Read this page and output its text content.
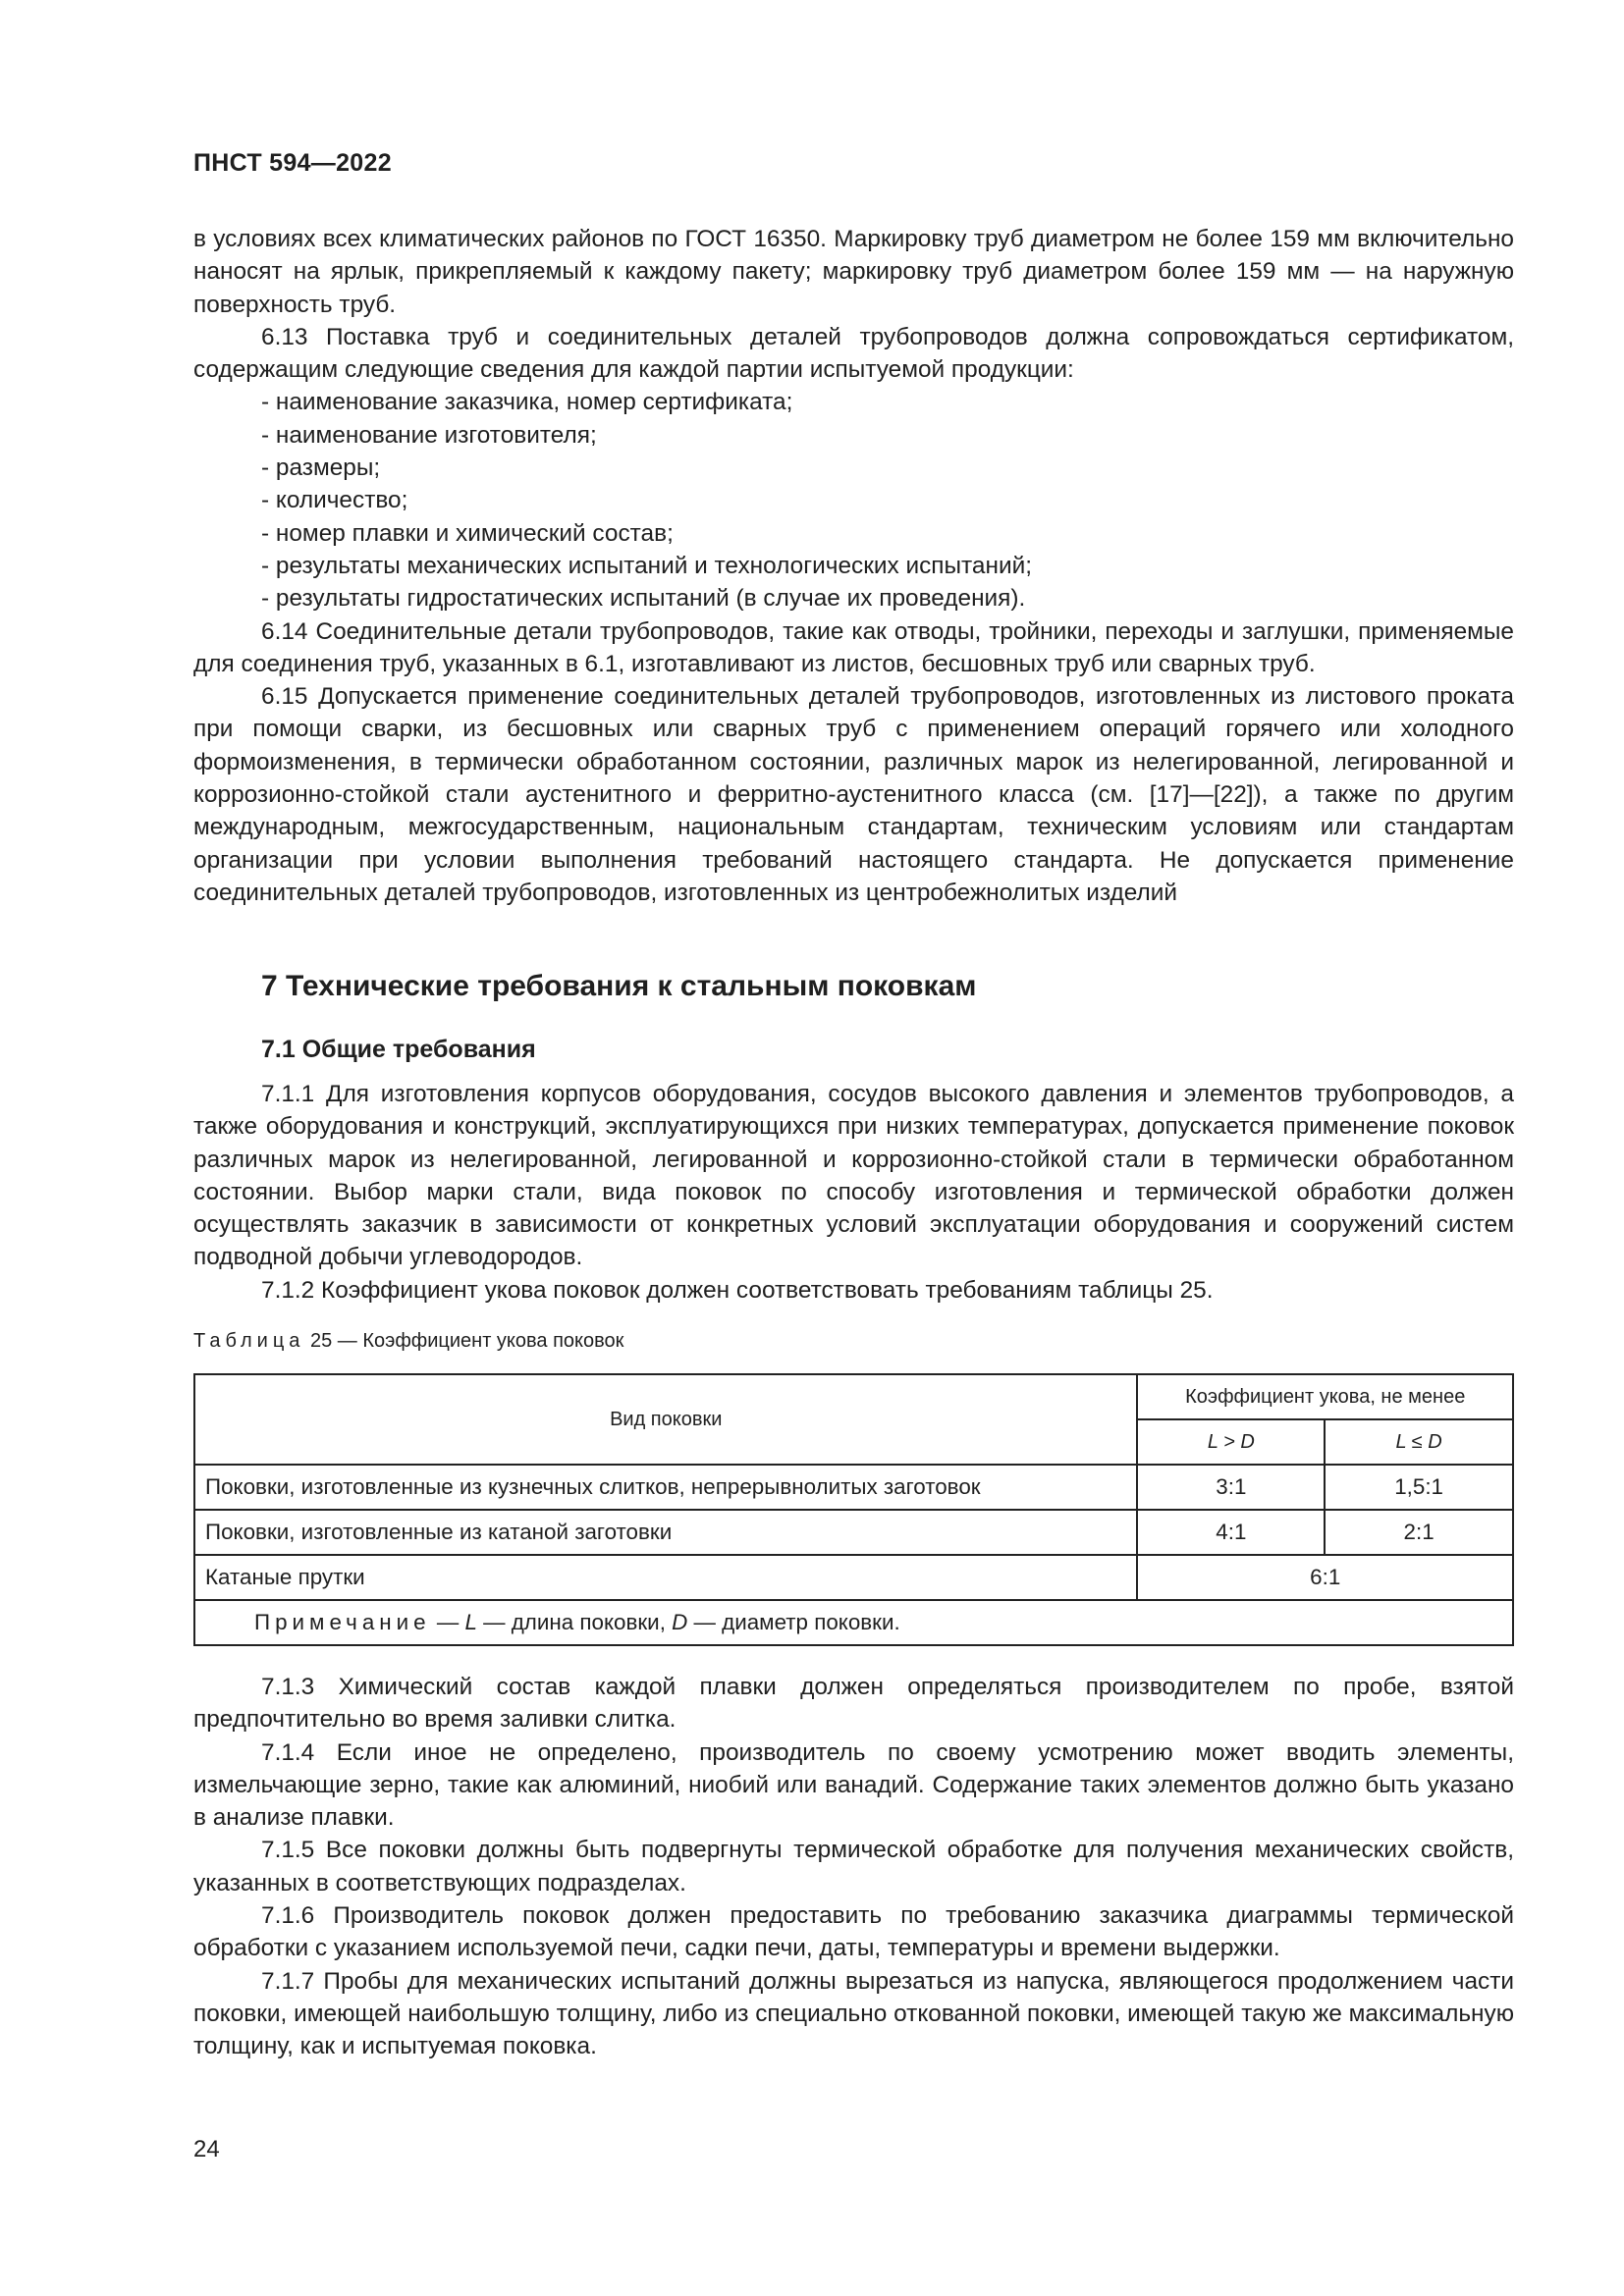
ПНСТ 594—2022

в условиях всех климатических районов по ГОСТ 16350. Маркировку труб диаметром не более 159 мм включительно наносят на ярлык, прикрепляемый к каждому пакету; маркировку труб диаметром более 159 мм — на наружную поверхность труб.

6.13 Поставка труб и соединительных деталей трубопроводов должна сопровождаться сертификатом, содержащим следующие сведения для каждой партии испытуемой продукции:

- наименование заказчика, номер сертификата;

- наименование изготовителя;

- размеры;

- количество;

- номер плавки и химический состав;

- результаты механических испытаний и технологических испытаний;

- результаты гидростатических испытаний (в случае их проведения).

6.14 Соединительные детали трубопроводов, такие как отводы, тройники, переходы и заглушки, применяемые для соединения труб, указанных в 6.1, изготавливают из листов, бесшовных труб или сварных труб.

6.15 Допускается применение соединительных деталей трубопроводов, изготовленных из листового проката при помощи сварки, из бесшовных или сварных труб с применением операций горячего или холодного формоизменения, в термически обработанном состоянии, различных марок из нелегированной, легированной и коррозионно-стойкой стали аустенитного и ферритно-аустенитного класса (см. [17]—[22]), а также по другим международным, межгосударственным, национальным стандартам, техническим условиям или стандартам организации при условии выполнения требований настоящего стандарта. Не допускается применение соединительных деталей трубопроводов, изготовленных из центробежнолитых изделий

7 Технические требования к стальным поковкам
7.1 Общие требования

7.1.1 Для изготовления корпусов оборудования, сосудов высокого давления и элементов трубопроводов, а также оборудования и конструкций, эксплуатирующихся при низких температурах, допускается применение поковок различных марок из нелегированной, легированной и коррозионно-стойкой стали в термически обработанном состоянии. Выбор марки стали, вида поковок по способу изготовления и термической обработки должен осуществлять заказчик в зависимости от конкретных условий эксплуатации оборудования и сооружений систем подводной добычи углеводородов.

7.1.2 Коэффициент укова поковок должен соответствовать требованиям таблицы 25.

Таблица 25 — Коэффициент укова поковок
Вид поковки	Коэффициент укова, не менее	
	L > D	L ≤ D
Поковки, изготовленные из кузнечных слитков, непрерывнолитых заготовок	3:1	1,5:1
Поковки, изготовленные из катаной заготовки	4:1	2:1
Катаные прутки	6:1	
Примечание — L — длина поковки, D — диаметр поковки.		

7.1.3 Химический состав каждой плавки должен определяться производителем по пробе, взятой предпочтительно во время заливки слитка.

7.1.4 Если иное не определено, производитель по своему усмотрению может вводить элементы, измельчающие зерно, такие как алюминий, ниобий или ванадий. Содержание таких элементов должно быть указано в анализе плавки.

7.1.5 Все поковки должны быть подвергнуты термической обработке для получения механических свойств, указанных в соответствующих подразделах.

7.1.6 Производитель поковок должен предоставить по требованию заказчика диаграммы термической обработки с указанием используемой печи, садки печи, даты, температуры и времени выдержки.

7.1.7 Пробы для механических испытаний должны вырезаться из напуска, являющегося продолжением части поковки, имеющей наибольшую толщину, либо из специально откованной поковки, имеющей такую же максимальную толщину, как и испытуемая поковка.

24
